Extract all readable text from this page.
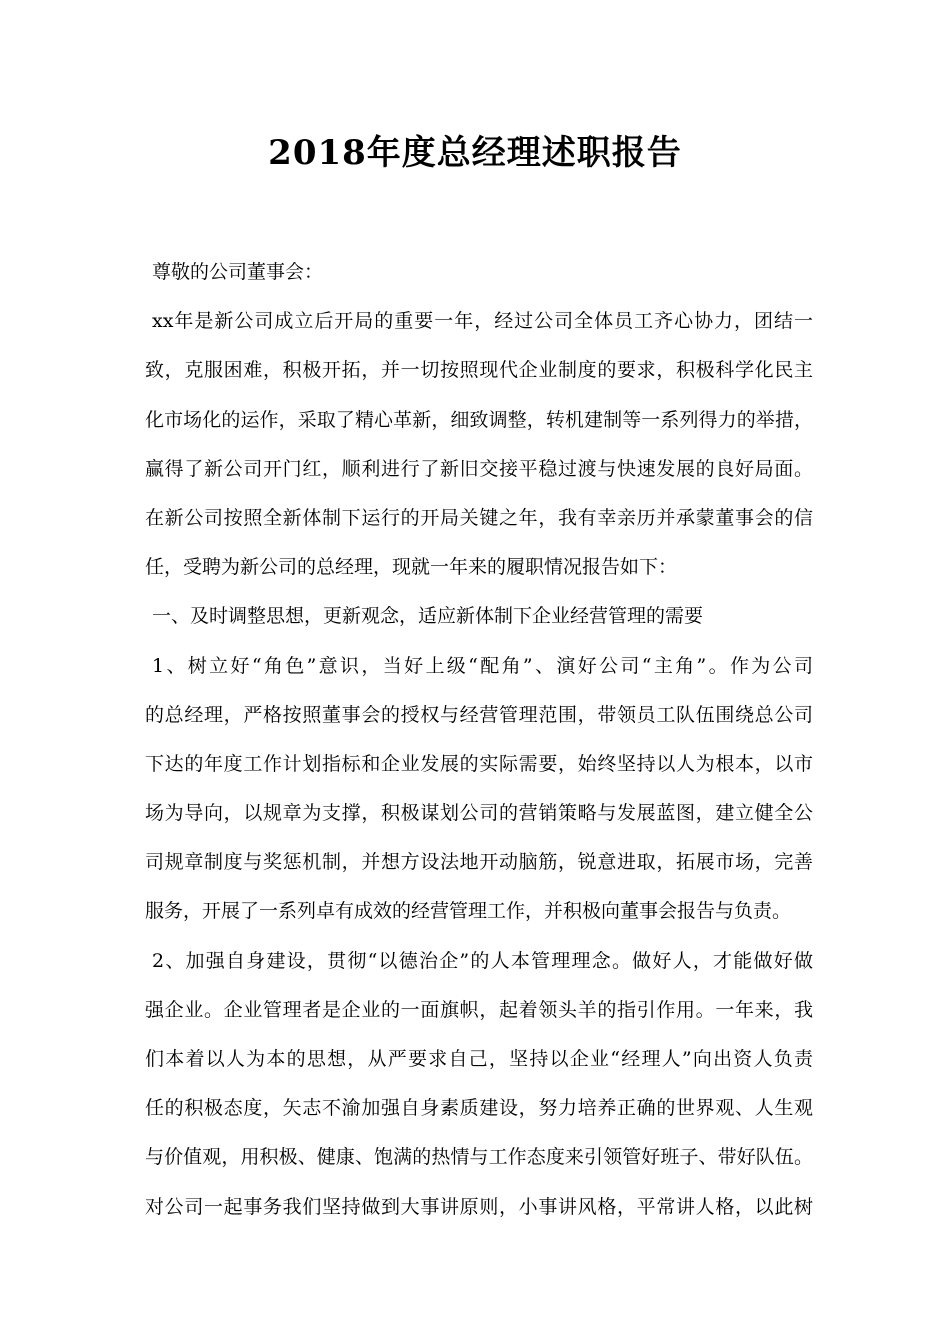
2018年度总经理述职报告
尊敬的公司董事会：
xx年是新公司成立后开局的重要一年，经过公司全体员工齐心协力，团结一
致，克服困难，积极开拓，并一切按照现代企业制度的要求，积极科学化民主
化市场化的运作，采取了精心革新，细致调整，转机建制等一系列得力的举措，
赢得了新公司开门红，顺利进行了新旧交接平稳过渡与快速发展的良好局面。
在新公司按照全新体制下运行的开局关键之年，我有幸亲历并承蒙董事会的信
任，受聘为新公司的总经理，现就一年来的履职情况报告如下：
一、及时调整思想，更新观念，适应新体制下企业经营管理的需要
1、树立好“角色”意识，当好上级“配角”、演好公司“主角”。作为公司
的总经理，严格按照董事会的授权与经营管理范围，带领员工队伍围绕总公司
下达的年度工作计划指标和企业发展的实际需要，始终坚持以人为根本，以市
场为导向，以规章为支撑，积极谋划公司的营销策略与发展蓝图，建立健全公
司规章制度与奖惩机制，并想方设法地开动脑筋，锐意进取，拓展市场，完善
服务，开展了一系列卓有成效的经营管理工作，并积极向董事会报告与负责。
2、加强自身建设，贯彻“以德治企”的人本管理理念。做好人，才能做好做
强企业。企业管理者是企业的一面旗帜，起着领头羊的指引作用。一年来，我
们本着以人为本的思想，从严要求自己，坚持以企业“经理人”向出资人负责
任的积极态度，矢志不渝加强自身素质建设，努力培养正确的世界观、人生观
与价值观，用积极、健康、饱满的热情与工作态度来引领管好班子、带好队伍。
对公司一起事务我们坚持做到大事讲原则，小事讲风格，平常讲人格，以此树
